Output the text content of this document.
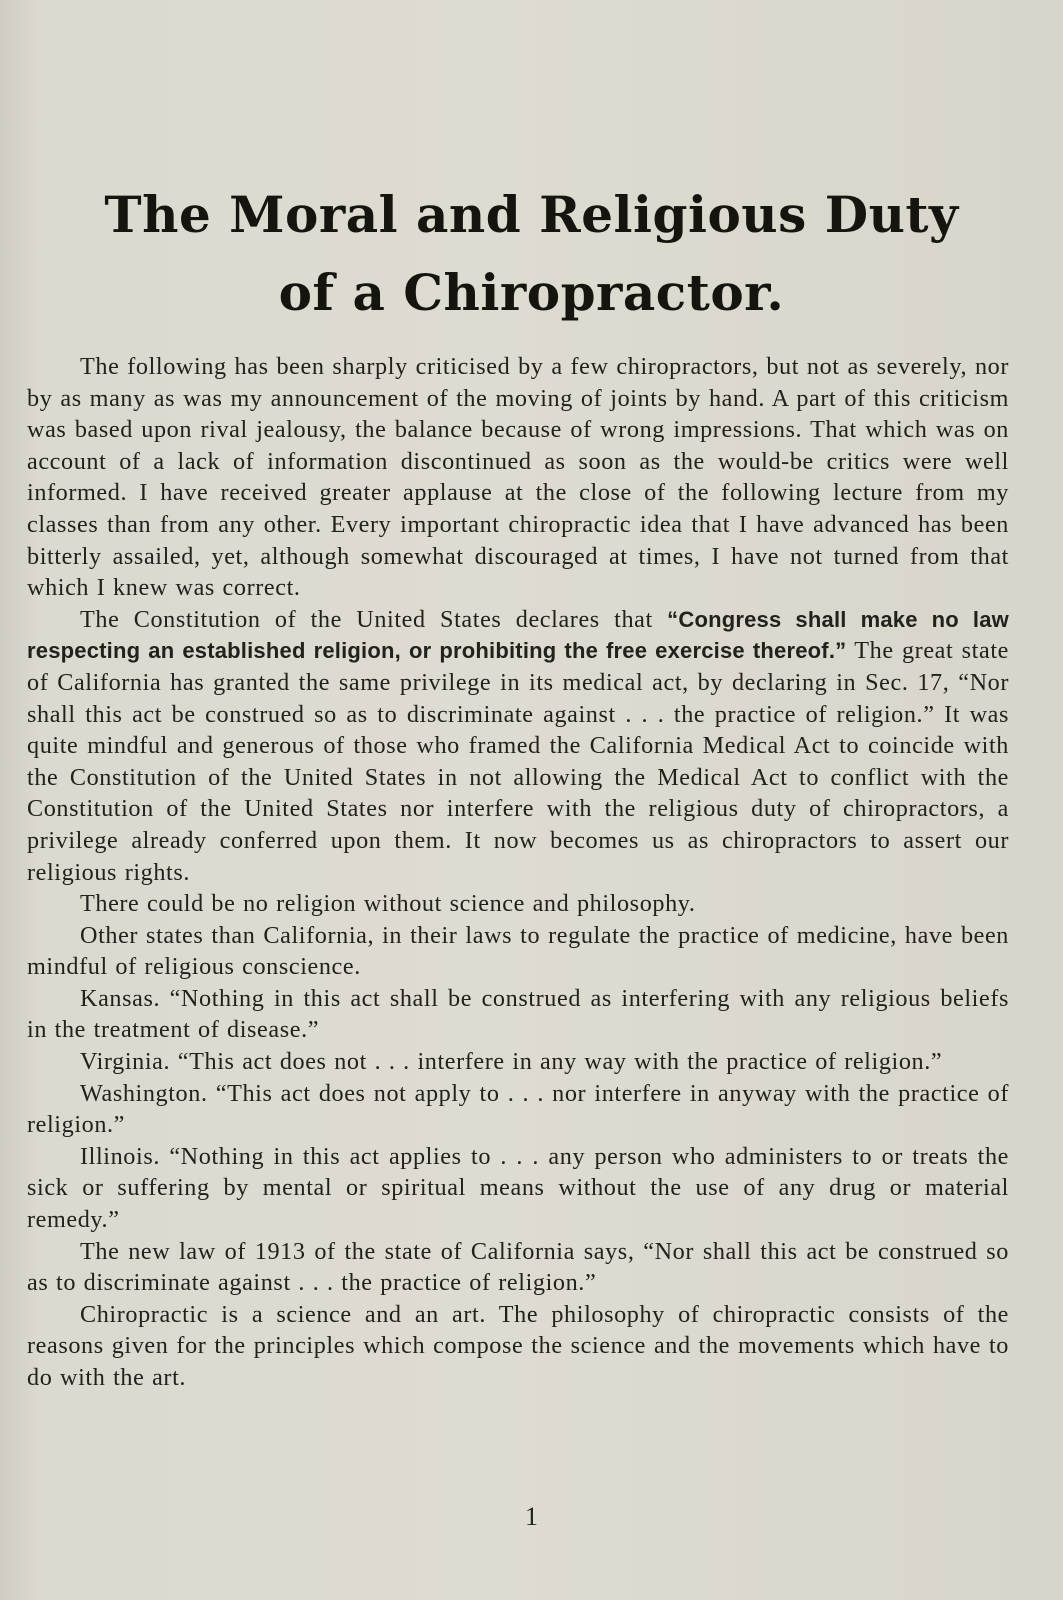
The Moral and Religious Duty
of a Chiropractor.

The following has been sharply criticised by a few chiropractors, but not as severely, nor by as many as was my announcement of the moving of joints by hand. A part of this criticism was based upon rival jealousy, the balance because of wrong impressions. That which was on account of a lack of information discontinued as soon as the would-be critics were well informed. I have received greater applause at the close of the following lecture from my classes than from any other. Every important chiropractic idea that I have advanced has been bitterly assailed, yet, although somewhat discouraged at times, I have not turned from that which I knew was correct.

The Constitution of the United States declares that “Congress shall make no law respecting an established religion, or prohibiting the free exercise thereof.” The great state of California has granted the same privilege in its medical act, by declaring in Sec. 17, “Nor shall this act be construed so as to discriminate against . . . the practice of religion.” It was quite mindful and generous of those who framed the California Medical Act to coincide with the Constitution of the United States in not allowing the Medical Act to conflict with the Constitution of the United States nor interfere with the religious duty of chiropractors, a privilege already conferred upon them. It now becomes us as chiropractors to assert our religious rights.

There could be no religion without science and philosophy.

Other states than California, in their laws to regulate the practice of medicine, have been mindful of religious conscience.

Kansas. “Nothing in this act shall be construed as interfering with any religious beliefs in the treatment of disease.”

Virginia. “This act does not . . . interfere in any way with the practice of religion.”

Washington. “This act does not apply to . . . nor interfere in anyway with the practice of religion.”

Illinois. “Nothing in this act applies to . . . any person who administers to or treats the sick or suffering by mental or spiritual means without the use of any drug or material remedy.”

The new law of 1913 of the state of California says, “Nor shall this act be construed so as to discriminate against . . . the practice of religion.”

Chiropractic is a science and an art. The philosophy of chiropractic consists of the reasons given for the principles which compose the science and the movements which have to do with the art.

1
